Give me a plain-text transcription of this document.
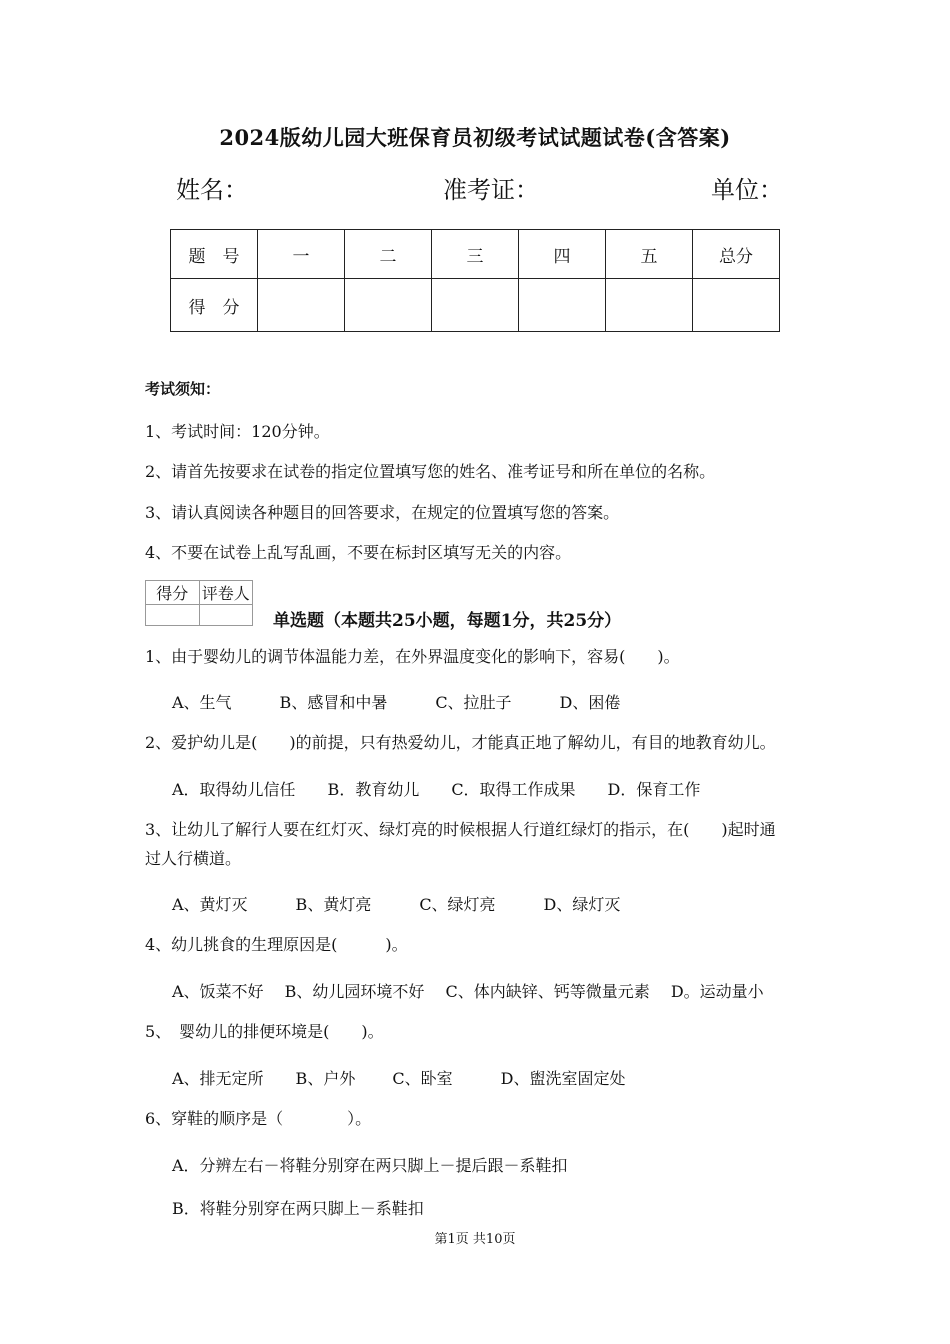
2024版幼儿园大班保育员初级考试试题试卷(含答案)
姓名：	准考证：	单位：
题　号	一	二	三	四	五	总分
得　分						
考试须知：
1、考试时间：120分钟。
2、请首先按要求在试卷的指定位置填写您的姓名、准考证号和所在单位的名称。
3、请认真阅读各种题目的回答要求，在规定的位置填写您的答案。
4、不要在试卷上乱写乱画，不要在标封区填写无关的内容。
得分	评卷人

单选题（本题共25小题，每题1分，共25分）
1、由于婴幼儿的调节体温能力差，在外界温度变化的影响下，容易(　　)。
A、生气　　　B、感冒和中暑　　　C、拉肚子　　　D、困倦
2、爱护幼儿是(　　)的前提，只有热爱幼儿，才能真正地了解幼儿，有目的地教育幼儿。
A．取得幼儿信任　　B．教育幼儿　　C．取得工作成果　　D．保育工作
3、让幼儿了解行人要在红灯灭、绿灯亮的时候根据人行道红绿灯的指示，在(　　)起时通
过人行横道。
A、黄灯灭　　　B、黄灯亮　　　C、绿灯亮　　　D、绿灯灭
4、幼儿挑食的生理原因是(　　　)。
A、饭菜不好　 B、幼儿园环境不好　 C、体内缺锌、钙等微量元素　 D。运动量小
5、　婴幼儿的排便环境是(　　)。
A、排无定所　　B、户外　　 C、卧室　　　D、盥洗室固定处
6、穿鞋的顺序是（　　　　）。
A．分辨左右－将鞋分别穿在两只脚上－提后跟－系鞋扣
B．将鞋分别穿在两只脚上－系鞋扣
第1页 共10页
